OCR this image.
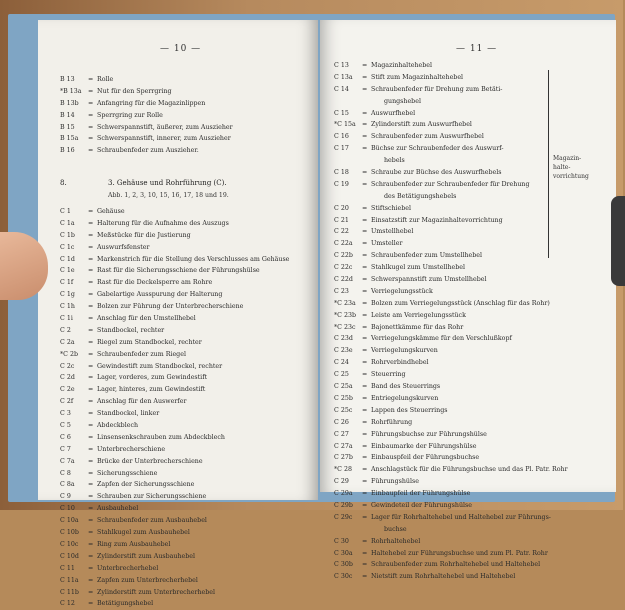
— 10 —
B 13	= Rolle
*B 13a	= Nut für den Sperrgring
B 13b	= Anfangring für die Magazinlippen
B 14	= Sperrgring zur Rolle
B 15	= Schwerspannstift, äußerer, zum Auszieher
B 15a	= Schwerspannstift, innerer, zum Auszieher
B 16	= Schraubenfeder zum Auszieher.
8.	3. Gehäuse und Rohrführung (C).
Abb. 1, 2, 3, 10, 15, 16, 17, 18 und 19.
C 1	= Gehäuse
C 1a	= Halterung für die Aufnahme des Auszugs
C 1b	= Meßstücke für die Justierung
C 1c	= Auswurfsfenster
C 1d	= Markenstrich für die Stellung des Verschlusses am Gehäuse
C 1e	= Rast für die Sicherungsschiene der Führungshülse
C 1f	= Rast für die Deckelsperre am Rohre
C 1g	= Gabelartige Ausspurung der Halterung
C 1h	= Bolzen zur Führung der Unterbrecherschiene
C 1i	= Anschlag für den Umstellhebel
C 2	= Standbockel, rechter
C 2a	= Riegel zum Standbockel, rechter
*C 2b	= Schraubenfeder zum Riegel
C 2c	= Gewindestift zum Standbockel, rechter
C 2d	= Lager, vorderes, zum Gewindestift
C 2e	= Lager, hinteres, zum Gewindestift
C 2f	= Anschlag für den Auswerfer
C 3	= Standbockel, linker
C 5	= Abdeckblech
C 6	= Linsensenkschrauben zum Abdeckblech
C 7	= Unterbrecherschiene
C 7a	= Brücke der Unterbrecherschiene
C 8	= Sicherungsschiene
C 8a	= Zapfen der Sicherungsschiene
C 9	= Schrauben zur Sicherungsschiene
C 10	= Ausbauhebel
C 10a	= Schraubenfeder zum Ausbauhebel
C 10b	= Stahlkugel zum Ausbauhebel
C 10c	= Ring zum Ausbauhebel
C 10d	= Zylinderstift zum Ausbauhebel
C 11	= Unterbrecherhebel
C 11a	= Zapfen zum Unterbrecherhebel
C 11b	= Zylinderstift zum Unterbrecherhebel
C 12	= Betätigungshebel
— 11 —
C 13	= Magazinhaltehebel
C 13a	= Stift zum Magazinhaltehebel
C 14	= Schraubenfeder für Drehung zum Betäti-
gungshebel
C 15	= Auswurfhebel
*C 15a = Zylinderstift zum Auswurfhebel
C 16	= Schraubenfeder zum Auswurfhebel
C 17	= Büchse zur Schraubenfeder des Auswurf-
hebels
C 18	= Schraube zur Büchse des Auswurfhebels
C 19	= Schraubenfeder zur Schraubenfeder für Drehung
des Betätigungshebels
C 20	= Stiftschiebel
C 21	= Einsatzstift zur Magazinhaltevorrichtung
C 22	= Umstellhebel
C 22a	= Umsteller
C 22b	= Schraubenfeder zum Umstellhebel
C 22c	= Stahlkugel zum Umstellhebel
C 22d	= Schwerspannstift zum Umstellhebel
C 23	= Verriegelungsstück
*C 23a = Bolzen zum Verriegelungsstück (Anschlag für das Rohr)
*C 23b = Leiste am Verriegelungsstück
*C 23c	= Bajonettkämme für das Rohr
C 23d	= Verriegelungskämme für den Verschlußkopf
C 23e	= Verriegelungskurven
C 24	= Rohrverbindhebel
C 25	= Steuerring
C 25a	= Band des Steuerrings
C 25b	= Entriegelungskurven
C 25c	= Lappen des Steuerrings
C 26	= Rohrführung
C 27	= Führungsbuchse zur Führungshülse
C 27a	= Einbaumarke der Führungshülse
C 27b	= Einbauspfeil der Führungsbuchse
*C 28	= Anschlagstück für die Führungsbuchse und das Pl. Patr. Rohr
C 29	= Führungshülse
C 29a	= Einbaupfeil der Führungshülse
C 29b	= Gewindeteil der Führungshülse
C 29c	= Lager für Rohrhaltehebel und Haltehebel zur Führungs-
buchse
C 30	= Rohrhaltehebel
C 30a	= Haltehebel zur Führungsbuchse und zum Pl. Patr. Rohr
C 30b	= Schraubenfeder zum Rohrhaltehebel und Haltehebel
C 30c	= Nietstift zum Rohrhaltehebel und Haltehebel
Magazin-
halte-
vorrichtung
